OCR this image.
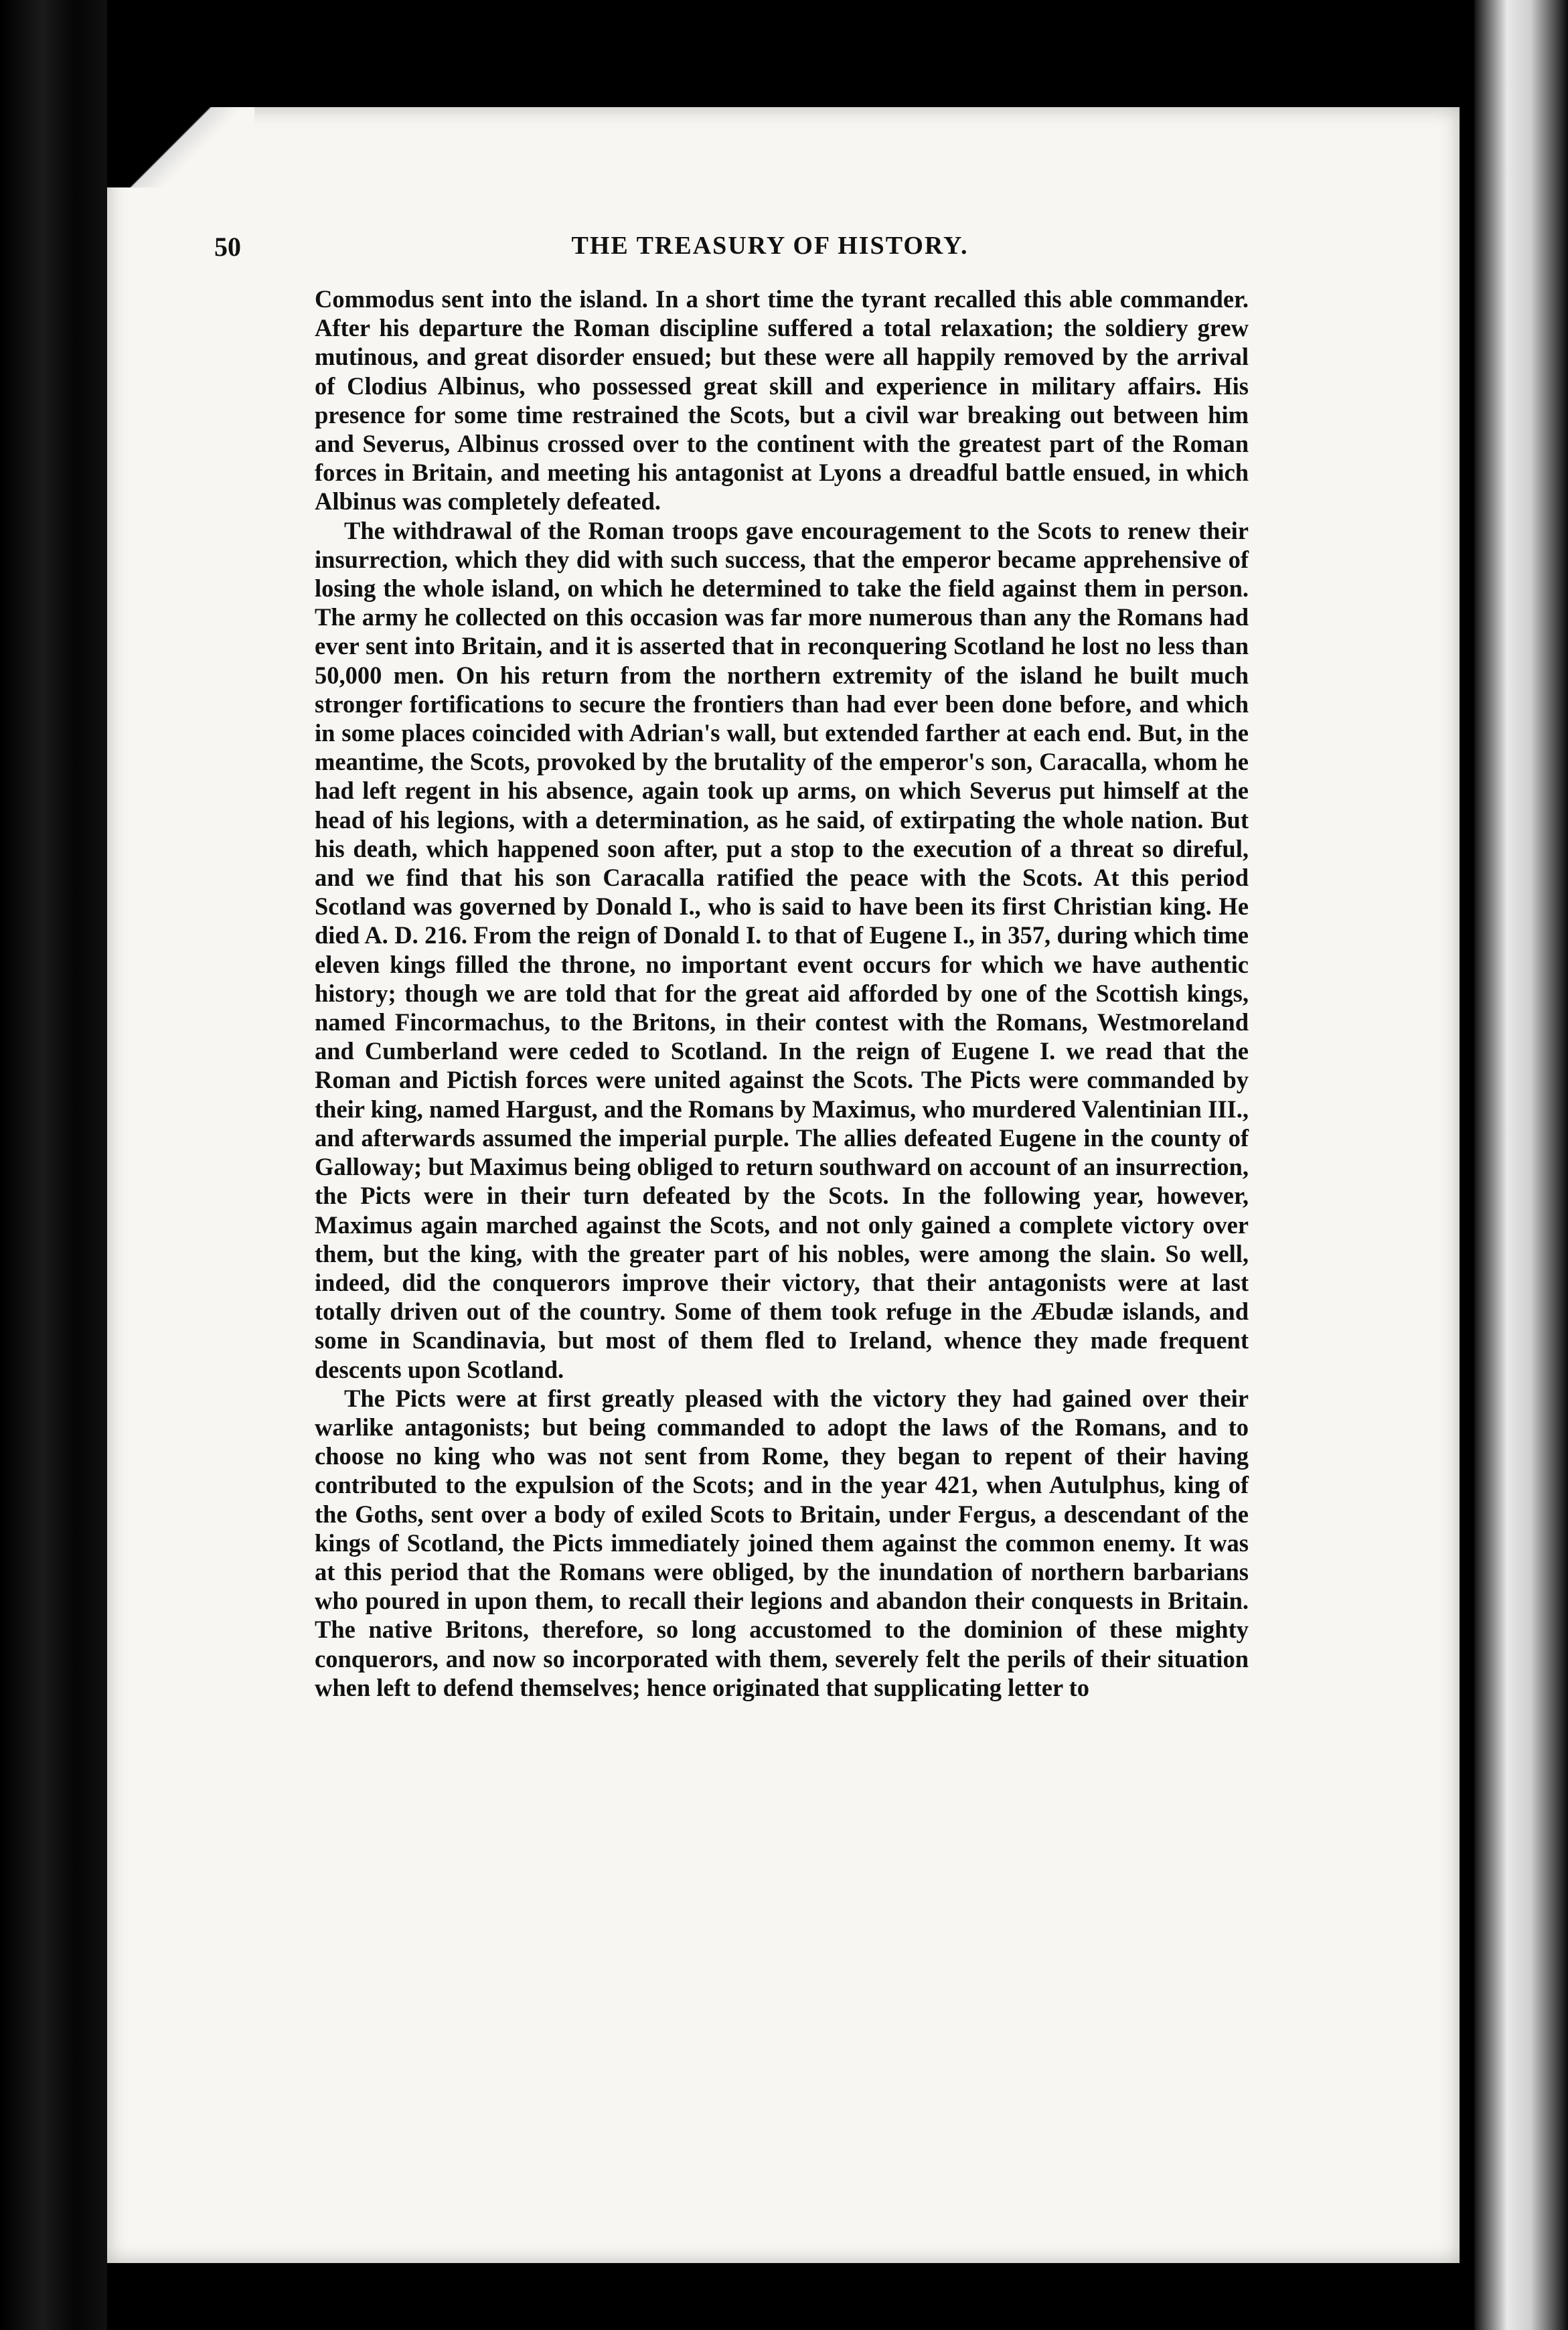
50	THE TREASURY OF HISTORY.

Commodus sent into the island. In a short time the tyrant recalled this able commander. After his departure the Roman discipline suffered a total relaxation; the soldiery grew mutinous, and great disorder ensued; but these were all happily removed by the arrival of Clodius Albinus, who possessed great skill and experience in military affairs. His presence for some time restrained the Scots, but a civil war breaking out between him and Severus, Albinus crossed over to the continent with the greatest part of the Roman forces in Britain, and meeting his antagonist at Lyons a dreadful battle ensued, in which Albinus was completely defeated.

The withdrawal of the Roman troops gave encouragement to the Scots to renew their insurrection, which they did with such success, that the emperor became apprehensive of losing the whole island, on which he determined to take the field against them in person. The army he collected on this occasion was far more numerous than any the Romans had ever sent into Britain, and it is asserted that in reconquering Scotland he lost no less than 50,000 men. On his return from the northern extremity of the island he built much stronger fortifications to secure the frontiers than had ever been done before, and which in some places coincided with Adrian's wall, but extended farther at each end. But, in the meantime, the Scots, provoked by the brutality of the emperor's son, Caracalla, whom he had left regent in his absence, again took up arms, on which Severus put himself at the head of his legions, with a determination, as he said, of extirpating the whole nation. But his death, which happened soon after, put a stop to the execution of a threat so direful, and we find that his son Caracalla ratified the peace with the Scots. At this period Scotland was governed by Donald I., who is said to have been its first Christian king. He died A. D. 216. From the reign of Donald I. to that of Eugene I., in 357, during which time eleven kings filled the throne, no important event occurs for which we have authentic history; though we are told that for the great aid afforded by one of the Scottish kings, named Fincormachus, to the Britons, in their contest with the Romans, Westmoreland and Cumberland were ceded to Scotland. In the reign of Eugene I. we read that the Roman and Pictish forces were united against the Scots. The Picts were commanded by their king, named Hargust, and the Romans by Maximus, who murdered Valentinian III., and afterwards assumed the imperial purple. The allies defeated Eugene in the county of Galloway; but Maximus being obliged to return southward on account of an insurrection, the Picts were in their turn defeated by the Scots. In the following year, however, Maximus again marched against the Scots, and not only gained a complete victory over them, but the king, with the greater part of his nobles, were among the slain. So well, indeed, did the conquerors improve their victory, that their antagonists were at last totally driven out of the country. Some of them took refuge in the Æbudæ islands, and some in Scandinavia, but most of them fled to Ireland, whence they made frequent descents upon Scotland.

The Picts were at first greatly pleased with the victory they had gained over their warlike antagonists; but being commanded to adopt the laws of the Romans, and to choose no king who was not sent from Rome, they began to repent of their having contributed to the expulsion of the Scots; and in the year 421, when Autulphus, king of the Goths, sent over a body of exiled Scots to Britain, under Fergus, a descendant of the kings of Scotland, the Picts immediately joined them against the common enemy. It was at this period that the Romans were obliged, by the inundation of northern barbarians who poured in upon them, to recall their legions and abandon their conquests in Britain. The native Britons, therefore, so long accustomed to the dominion of these mighty conquerors, and now so incorporated with them, severely felt the perils of their situation when left to defend themselves; hence originated that supplicating letter to
